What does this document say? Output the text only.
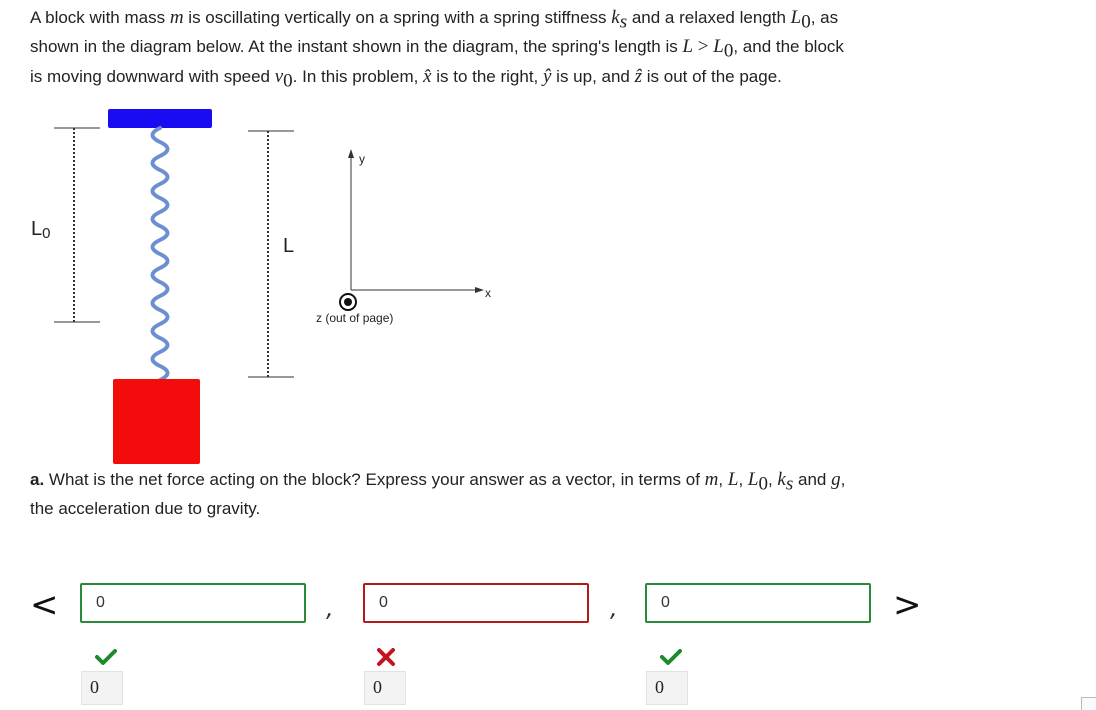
A block with mass m is oscillating vertically on a spring with a spring stiffness $k_s$ and a relaxed length $L_0$, as
shown in the diagram below. At the instant shown in the diagram, the spring's length is $L > L_0$, and the block
is moving downward with speed $v_0$. In this problem, x̂ is to the right, ŷ is up, and ẑ is out of the page.
L0
L
y
x
z (out of page)
a. What is the net force acting on the block? Express your answer as a vector, in terms of m, L, $L_0$, $k_s$ and g,
the acceleration due to gravity.
<
0	,
0	,
0	>
0	0	0
